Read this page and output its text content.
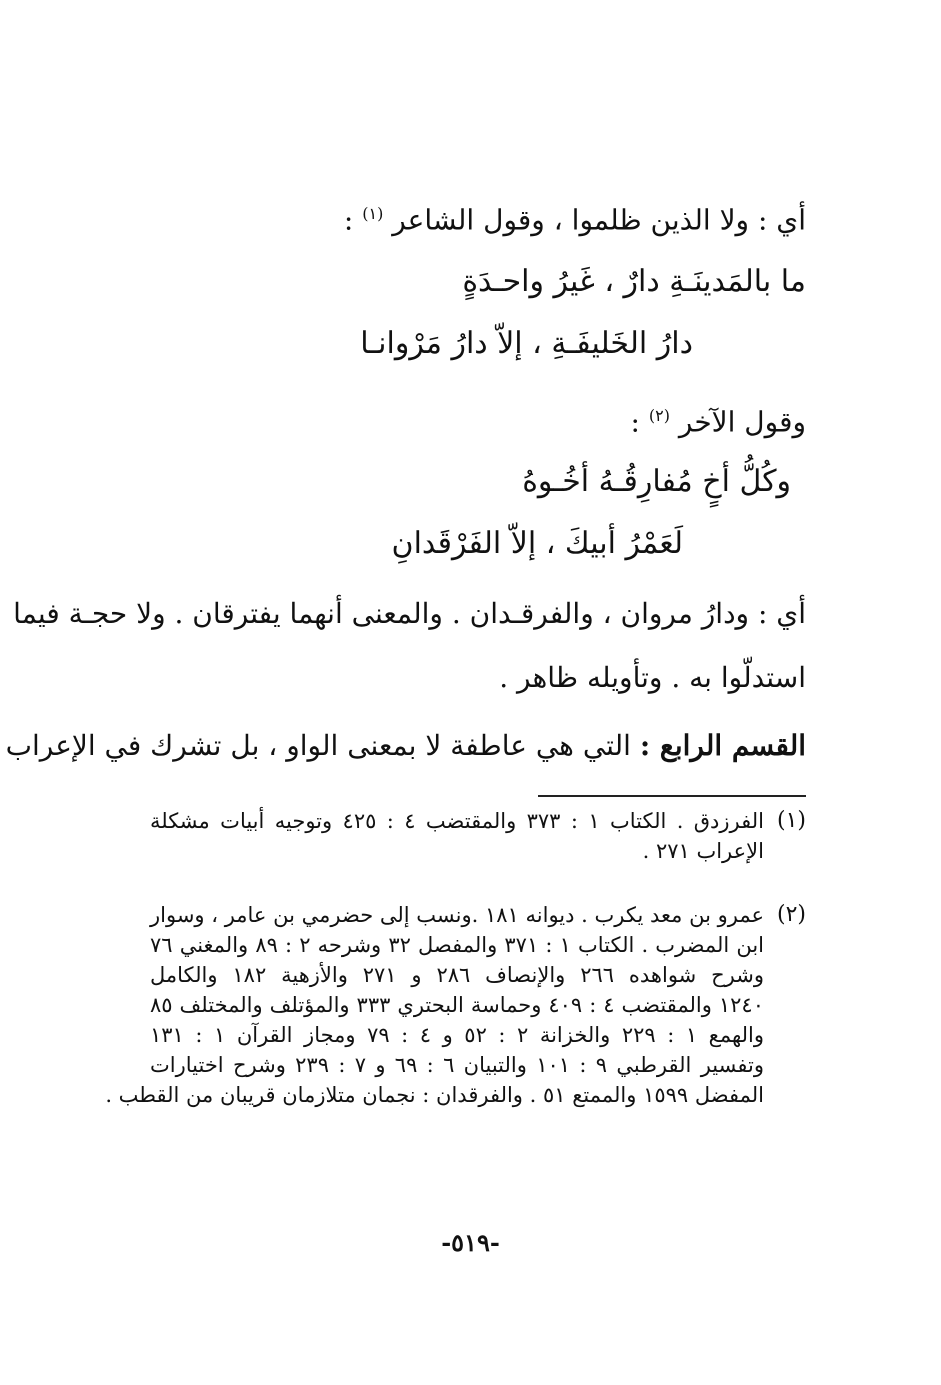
أي : ولا الذين ظلموا ، وقول الشاعر $^{(١)}$ :
ما بالمَدينَـةِ دارٌ ، غَيرُ واحـدَةٍ
دارُ الخَليفَـةِ ، إلاّ دارُ مَرْوانـا
وقول الآخر $^{(٢)}$ :
وكُلُّ أخٍ مُفارِقُـهُ أخُـوهُ
لَعَمْرُ أبيكَ ، إلاّ الفَرْقَدانِ
أي : ودارُ مروان ، والفرقـدان . والمعنى أنهما يفترقان . ولا حجـة فيما
استدلّوا به . وتأويله ظاهر .
القسم الرابع : التي هي عاطفة لا بمعنى الواو ، بل تشرك في الإعراب
(١)
الفرزدق . الكتاب ١ : ٣٧٣ والمقتضب ٤ : ٤٢٥ وتوجيه أبيات مشكلة
الإعراب ٢٧١ .
(٢)
عمرو بن معد يكرب . ديوانه ١٨١ .ونسب إلى حضرمي بن عامر ، وسوار
ابن المضرب . الكتاب ١ : ٣٧١ والمفصل ٣٢ وشرحه ٢ : ٨٩ والمغني ٧٦
وشرح شواهده ٢٦٦ والإنصاف ٢٨٦ و ٢٧١ والأزهية ١٨٢ والكامل
١٢٤٠ والمقتضب ٤ : ٤٠٩ وحماسة البحتري ٣٣٣ والمؤتلف والمختلف ٨٥
والهمع ١ : ٢٢٩ والخزانة ٢ : ٥٢ و ٤ : ٧٩ ومجاز القرآن ١ : ١٣١
وتفسير القرطبي ٩ : ١٠١ والتبيان ٦ : ٦٩ و ٧ : ٢٣٩ وشرح اختيارات
المفضل ١٥٩٩ والممتع ٥١ . والفرقدان : نجمان متلازمان قريبان من القطب .
-٥١٩-
